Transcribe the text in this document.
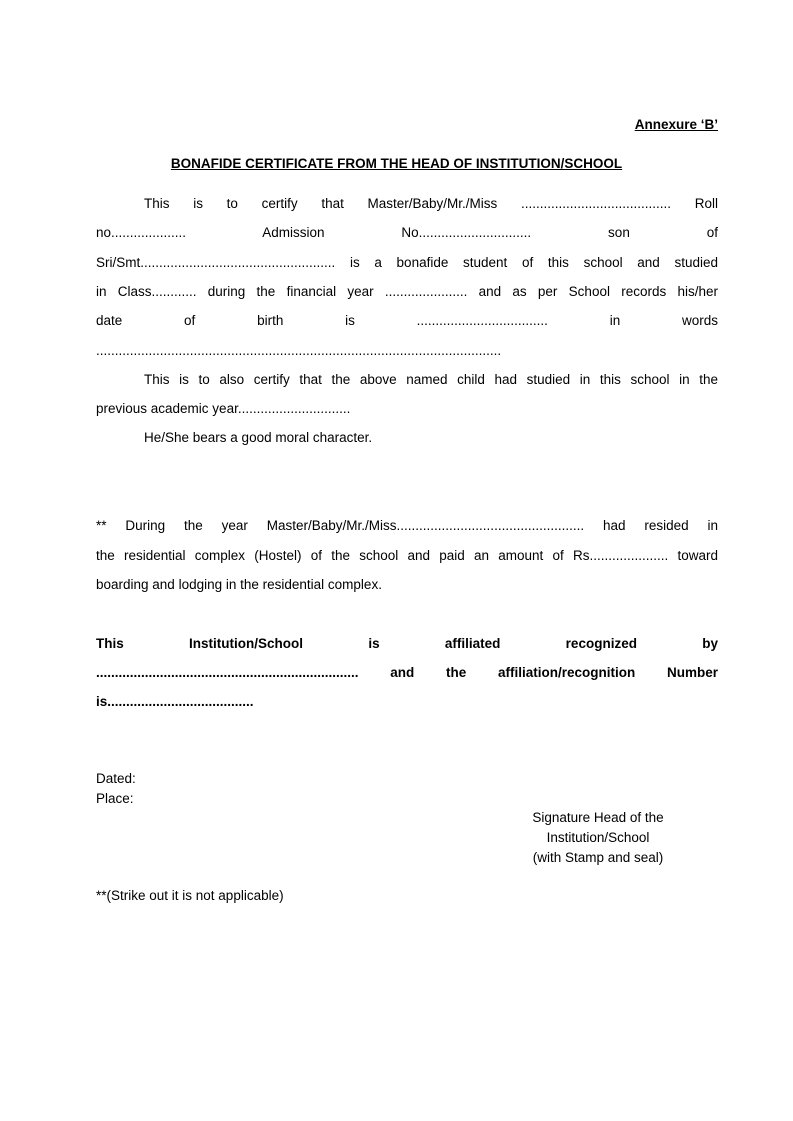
Annexure ‘B’
BONAFIDE CERTIFICATE FROM THE HEAD OF INSTITUTION/SCHOOL
This is to certify that Master/Baby/Mr./Miss ........................................ Roll
no.................... Admission No.............................. son of
Sri/Smt.................................................... is a bonafide student of this school and studied
in Class............ during the financial year ...................... and as per School records his/her
date of birth is ................................... in words
............................................................................................................
This is to also certify that the above named child had studied in this school in the
previous academic year..............................
He/She bears a good moral character.
** During the year Master/Baby/Mr./Miss.................................................. had resided in
the residential complex (Hostel) of the school and paid an amount of Rs..................... toward
boarding and lodging in the residential complex.
This Institution/School is affiliated recognized by
...................................................................... and the affiliation/recognition Number
is.......................................
Dated:
Place:
Signature Head of the
Institution/School
(with Stamp and seal)
**(Strike out it is not applicable)
